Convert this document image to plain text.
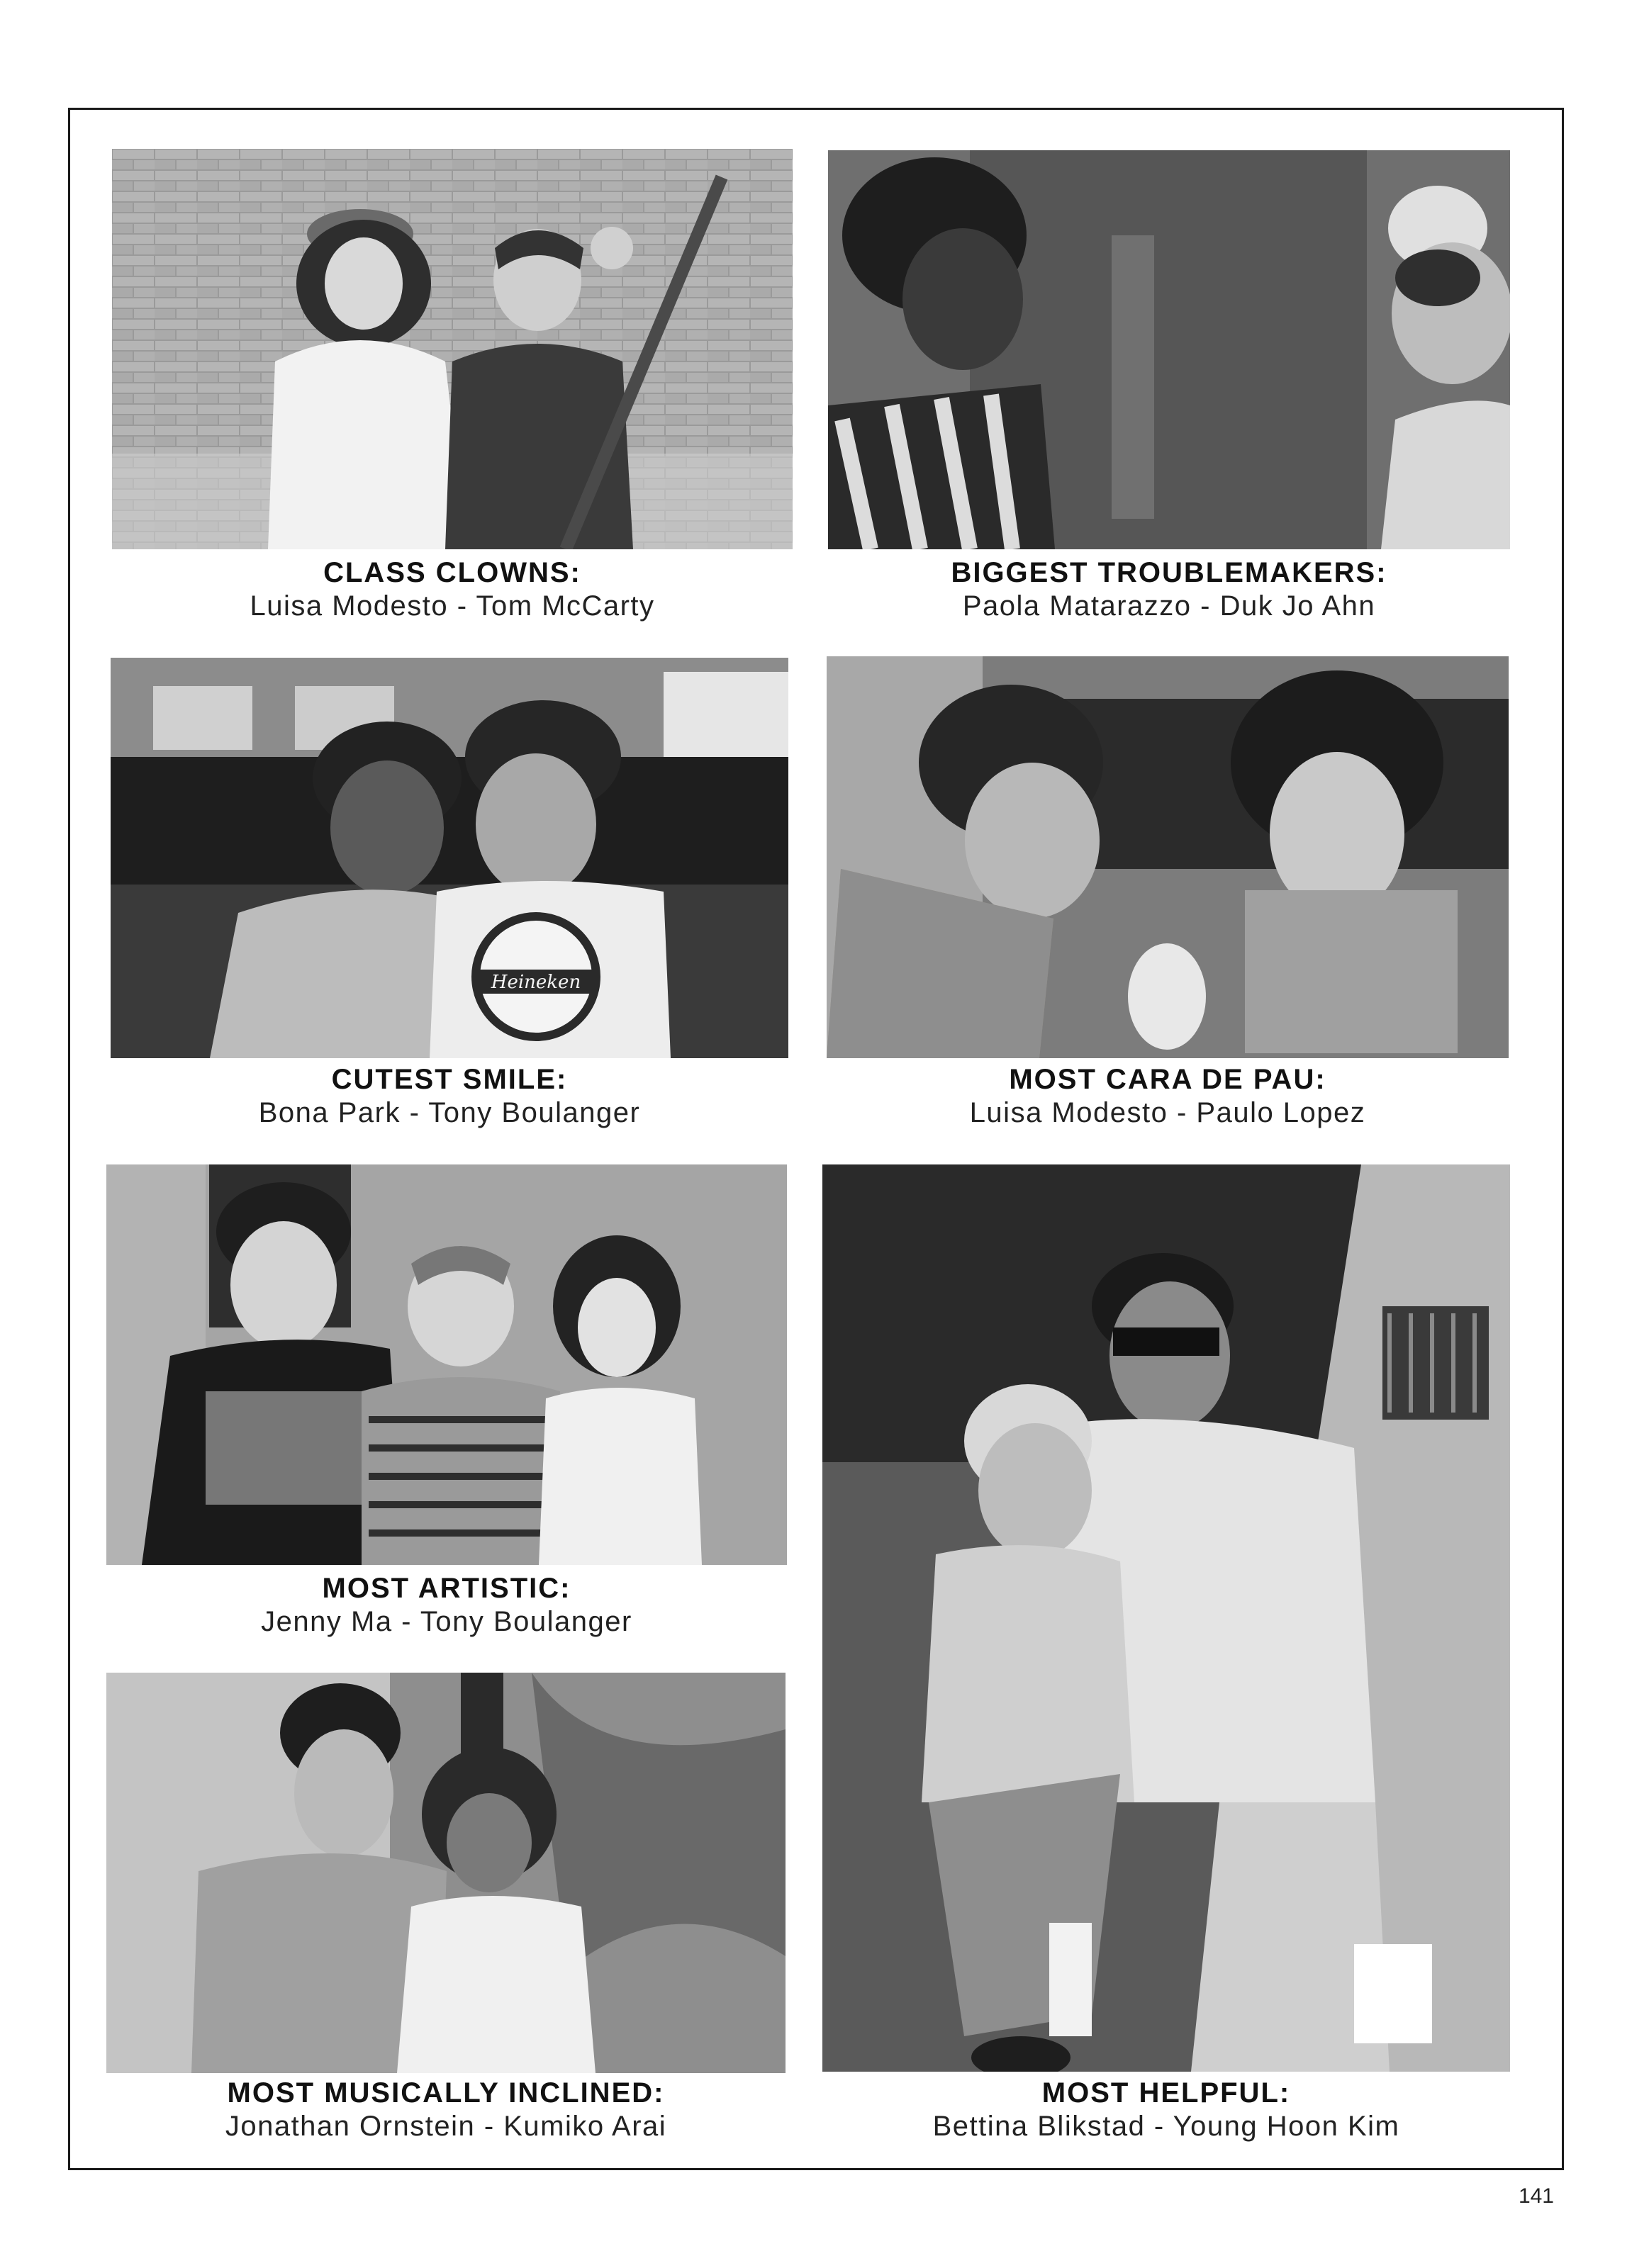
CLASS CLOWNS:
Luisa Modesto - Tom McCarty
BIGGEST TROUBLEMAKERS:
Paola Matarazzo - Duk Jo Ahn
Heineken
CUTEST SMILE:
Bona Park - Tony Boulanger
MOST CARA DE PAU:
Luisa Modesto - Paulo Lopez
MOST ARTISTIC:
Jenny Ma - Tony Boulanger
MOST HELPFUL:
Bettina Blikstad - Young Hoon Kim
MOST MUSICALLY INCLINED:
Jonathan Ornstein - Kumiko Arai
141
